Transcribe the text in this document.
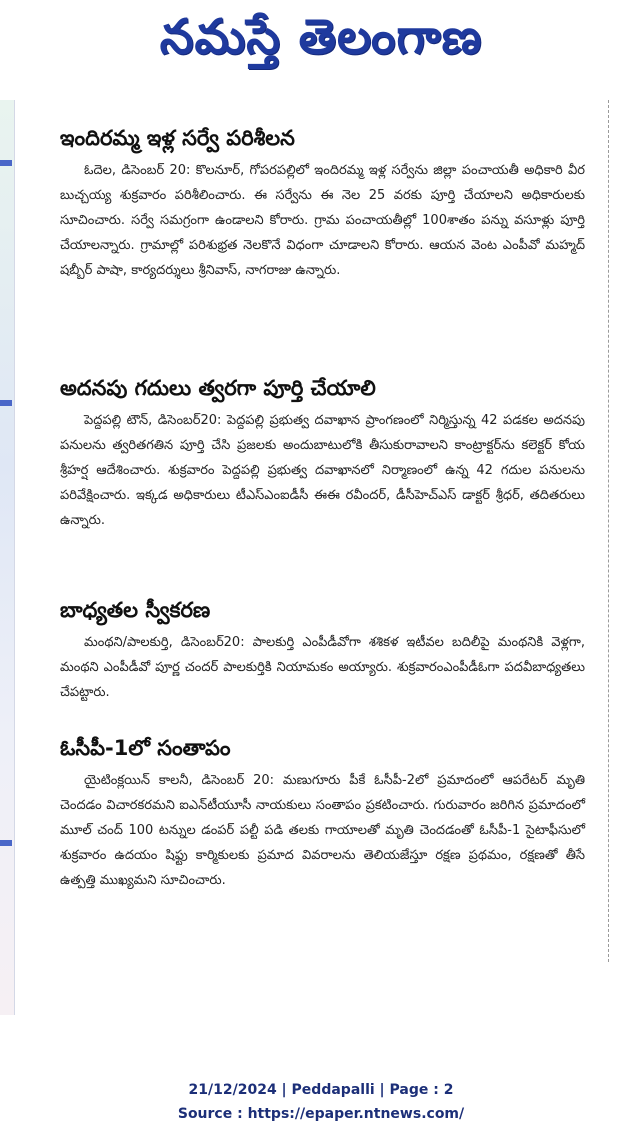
నమస్తే తెలంగాణ
ఇందిరమ్మ ఇళ్ల సర్వే పరిశీలన

ఓదెల, డిసెంబర్ 20: కొలనూర్, గోపరపల్లిలో ఇందిరమ్మ ఇళ్ల సర్వేను జిల్లా పంచాయతీ అధికారి వీర బుచ్చయ్య శుక్రవారం పరిశీలించారు. ఈ సర్వేను ఈ నెల 25 వరకు పూర్తి చేయాలని అధికారులకు సూచించారు. సర్వే సమగ్రంగా ఉండాలని కోరారు. గ్రామ పంచాయతీల్లో 100శాతం పన్ను వసూళ్లు పూర్తి చేయాలన్నారు. గ్రామాల్లో పరిశుభ్రత నెలకొనే విధంగా చూడాలని కోరారు. ఆయన వెంట ఎంపీవో మహ్మద్ షబ్బీర్ పాషా, కార్యదర్శులు శ్రీనివాస్, నాగరాజు ఉన్నారు.

అదనపు గదులు త్వరగా పూర్తి చేయాలి

పెద్దపల్లి టౌన్, డిసెంబర్20: పెద్దపల్లి ప్రభుత్వ దవాఖాన ప్రాంగణంలో నిర్మిస్తున్న 42 పడకల అదనపు పనులను త్వరితగతిన పూర్తి చేసి ప్రజలకు అందుబాటులోకి తీసుకురావాలని కాంట్రాక్టర్‌ను కలెక్టర్ కోయ శ్రీహర్ష ఆదేశించారు. శుక్రవారం పెద్దపల్లి ప్రభుత్వ దవాఖానలో నిర్మాణంలో ఉన్న 42 గదుల పనులను పరివేక్షించారు. ఇక్కడ అధికారులు టీఎస్ఎంఐడీసీ ఈఈ రవీందర్, డీసీహెచ్ఎస్ డాక్టర్ శ్రీధర్, తదితరులు ఉన్నారు.

బాధ్యతల స్వీకరణ

మంథని/పాలకుర్తి, డిసెంబర్20: పాలకుర్తి ఎంపీడీవోగా శశికళ ఇటీవల బదిలీపై మంథనికి వెళ్లగా, మంథని ఎంపీడీవో పూర్ణ చందర్ పాలకుర్తికి నియామకం అయ్యారు. శుక్రవారంఎంపీడీఓగా పదవీబాధ్యతలు చేపట్టారు.

ఓసీపీ-1లో సంతాపం

యైటింక్లయిన్ కాలనీ, డిసెంబర్ 20: మణుగూరు పీకే ఓసీపీ-2లో ప్రమాదంలో ఆపరేటర్ మృతి చెందడం విచారకరమని ఐఎన్‌టీయూసీ నాయకులు సంతాపం ప్రకటించారు. గురువారం జరిగిన ప్రమాదంలో మూల్ చంద్ 100 టన్నుల డంపర్ పల్టీ పడి తలకు గాయాలతో మృతి చెందడంతో ఓసీపీ-1 సైటాఫీసులో శుక్రవారం ఉదయం షిఫ్టు కార్మికులకు ప్రమాద వివరాలను తెలియజేస్తూ రక్షణ ప్రథమం, రక్షణతో తీసే ఉత్పత్తి ముఖ్యమని సూచించారు.

21/12/2024 | Peddapalli | Page : 2
Source : https://epaper.ntnews.com/
